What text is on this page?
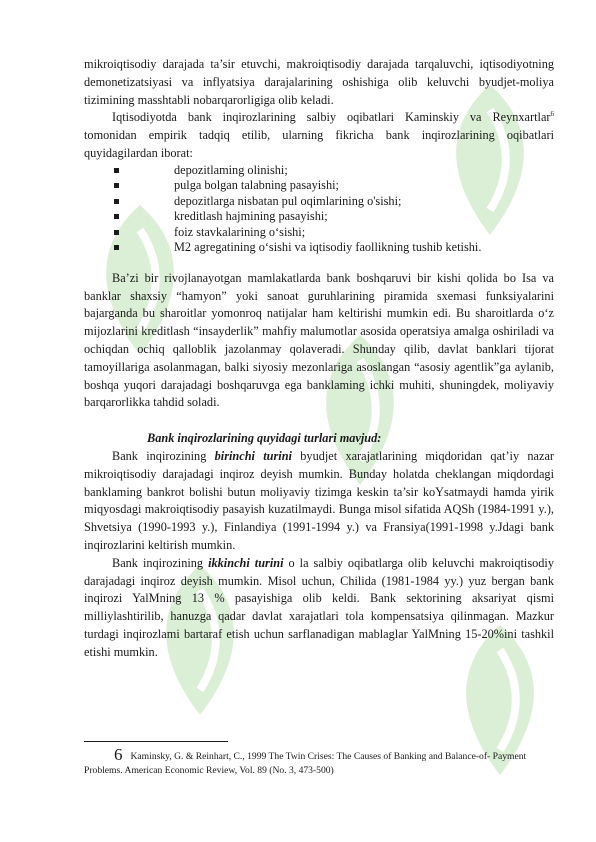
mikroiqtisodiy darajada ta’sir etuvchi, makroiqtisodiy darajada tarqaluvchi, iqtisodiyotning demonetizatsiyasi va inflyatsiya darajalarining oshishiga olib keluvchi byudjet-moliya tizimining masshtabli nobarqarorligiga olib keladi.

Iqtisodiyotda bank inqirozlarining salbiy oqibatlari Kaminskiy va Reynxartlar$^6$ tomonidan empirik tadqiq etilib, ularning fikricha bank inqirozlarining oqibatlari quyidagilardan iborat:

depozitlaming olinishi;
pulga bolgan talabning pasayishi;
depozitlarga nisbatan pul oqimlarining o'sishi;
kreditlash hajmining pasayishi;
foiz stavkalarining o‘sishi;
M2 agregatining o‘sishi va iqtisodiy faollikning tushib ketishi.

Ba’zi bir rivojlanayotgan mamlakatlarda bank boshqaruvi bir kishi qolida bo Isa va banklar shaxsiy “hamyon” yoki sanoat guruhlarining piramida sxemasi funksiyalarini bajarganda bu sharoitlar yomonroq natijalar ham keltirishi mumkin edi. Bu sharoitlarda o‘z mijozlarini kreditlash “insayderlik” mahfiy malumotlar asosida operatsiya amalga oshiriladi va ochiqdan ochiq qalloblik jazolanmay qolaveradi. Shunday qilib, davlat banklari tijorat tamoyillariga asolanmagan, balki siyosiy mezonlariga asoslangan “asosiy agentlik”ga aylanib, boshqa yuqori darajadagi boshqaruvga ega banklaming ichki muhiti, shuningdek, moliyaviy barqarorlikka tahdid soladi.

Bank inqirozlarining quyidagi turlari mavjud:

Bank inqirozining birinchi turini byudjet xarajatlarining miqdoridan qat’iy nazar mikroiqtisodiy darajadagi inqiroz deyish mumkin. Bunday holatda cheklangan miqdordagi banklaming bankrot bolishi butun moliyaviy tizimga keskin ta’sir koYsatmaydi hamda yirik miqyosdagi makroiqtisodiy pasayish kuzatilmaydi. Bunga misol sifatida AQSh (1984-1991 y.), Shvetsiya (1990-1993 y.), Finlandiya (1991-1994 y.) va Fransiya(1991-1998 y.Jdagi bank inqirozlarini keltirish mumkin.

Bank inqirozining ikkinchi turini o la salbiy oqibatlarga olib keluvchi makroiqtisodiy darajadagi inqiroz deyish mumkin. Misol uchun, Chilida (1981-1984 yy.) yuz bergan bank inqirozi YalMning 13 % pasayishiga olib keldi. Bank sektorining aksariyat qismi milliylashtirilib, hanuzga qadar davlat xarajatlari tola kompensatsiya qilinmagan. Mazkur turdagi inqirozlami bartaraf etish uchun sarflanadigan mablaglar YalMning 15-20%ini tashkil etishi mumkin.

6 Kaminsky, G. & Reinhart, C., 1999 The Twin Crises: The Causes of Banking and Balance-of- Payment Problems. American Economic Review, Vol. 89 (No. 3, 473-500)
